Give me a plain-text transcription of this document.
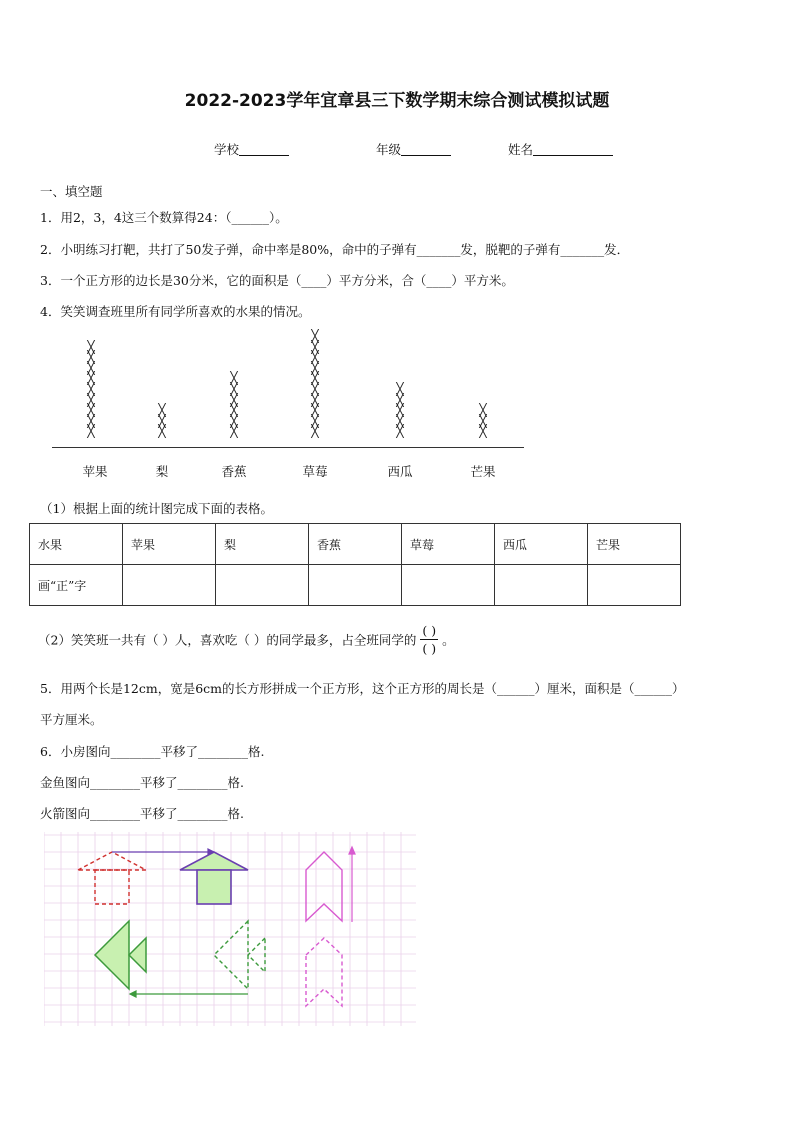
2022-2023学年宜章县三下数学期末综合测试模拟试题
学校	年级	姓名
一、填空题
1．用2，3，4这三个数算得24：（______）。
2．小明练习打靶，共打了50发子弹，命中率是80%，命中的子弹有_______发，脱靶的子弹有_______发．
3．一个正方形的边长是30分米，它的面积是（____）平方分米，合（____）平方米。
4．笑笑调查班里所有同学所喜欢的水果的情况。
╳
╳
╳
╳
╳
╳
╳
╳
╳
苹果
╳
╳
╳
梨
╳
╳
╳
╳
╳
╳
香蕉
╳
╳
╳
╳
╳
╳
╳
╳
╳
╳
草莓
╳
╳
╳
╳
╳
西瓜
╳
╳
╳
芒果
（1）根据上面的统计图完成下面的表格。
水果	苹果	梨	香蕉	草莓	西瓜	芒果
画“正”字						
（2）笑笑班一共有（ ）人，喜欢吃（ ）的同学最多，占全班同学的 $\frac{( )}{( )}$ 。
5．用两个长是12cm，宽是6cm的长方形拼成一个正方形，这个正方形的周长是（______）厘米，面积是（______）
平方厘米。
6．小房图向________平移了________格.
金鱼图向________平移了________格.
火箭图向________平移了________格.
